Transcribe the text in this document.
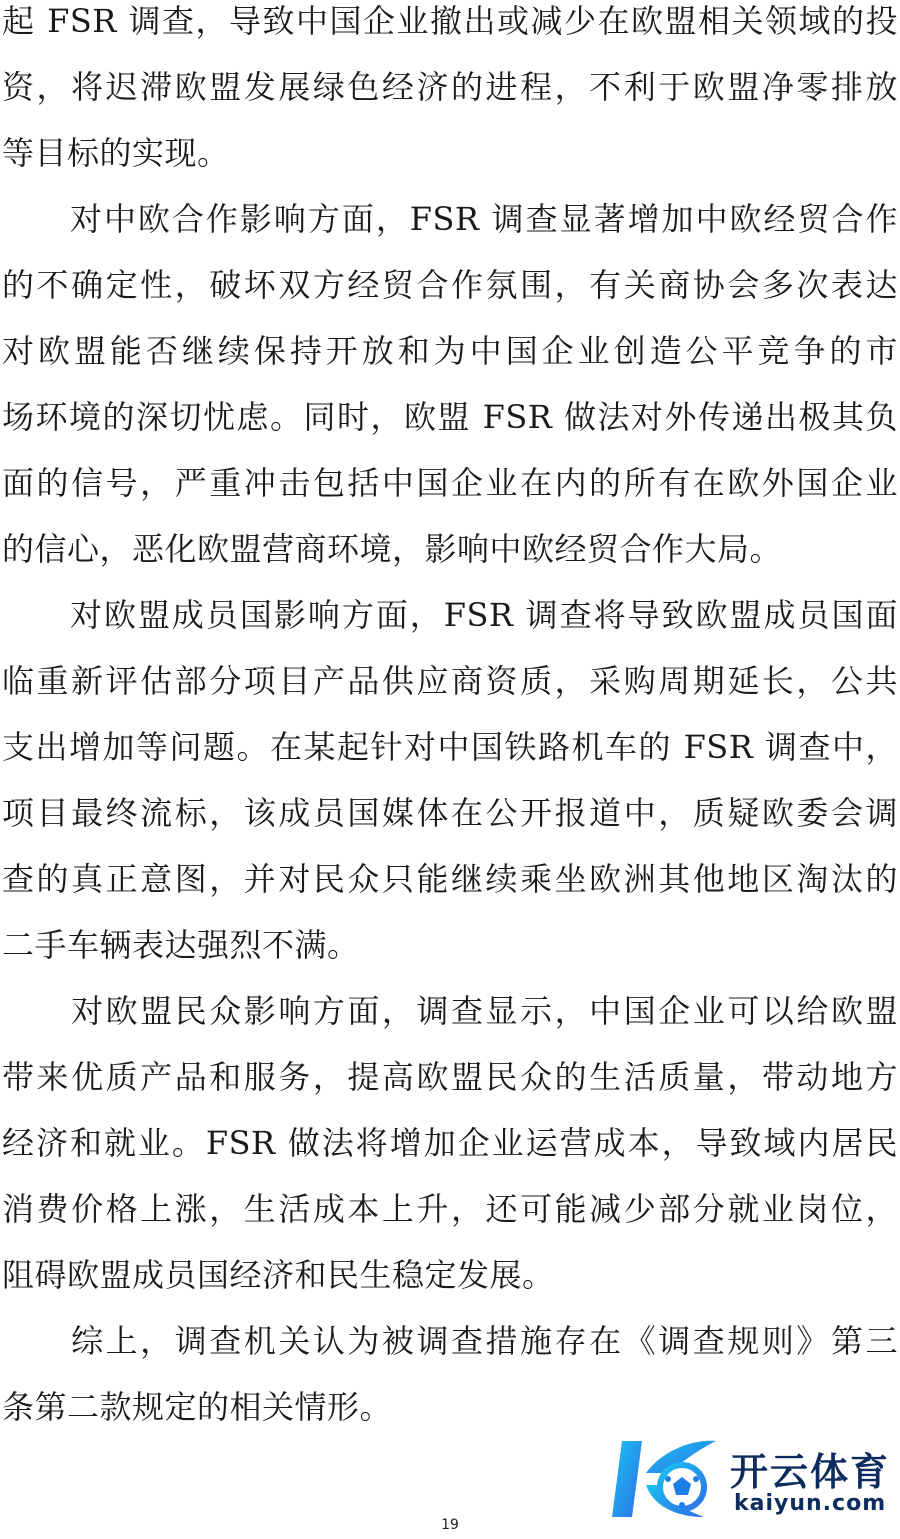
起 FSR 调查，导致中国企业撤出或减少在欧盟相关领域的投
资，将迟滞欧盟发展绿色经济的进程，不利于欧盟净零排放
等目标的实现。
　　对中欧合作影响方面，FSR 调查显著增加中欧经贸合作
的不确定性，破坏双方经贸合作氛围，有关商协会多次表达
对欧盟能否继续保持开放和为中国企业创造公平竞争的市
场环境的深切忧虑。同时，欧盟 FSR 做法对外传递出极其负
面的信号，严重冲击包括中国企业在内的所有在欧外国企业
的信心，恶化欧盟营商环境，影响中欧经贸合作大局。
　　对欧盟成员国影响方面，FSR 调查将导致欧盟成员国面
临重新评估部分项目产品供应商资质，采购周期延长，公共
支出增加等问题。在某起针对中国铁路机车的 FSR 调查中，
项目最终流标，该成员国媒体在公开报道中，质疑欧委会调
查的真正意图，并对民众只能继续乘坐欧洲其他地区淘汰的
二手车辆表达强烈不满。
　　对欧盟民众影响方面，调查显示，中国企业可以给欧盟
带来优质产品和服务，提高欧盟民众的生活质量，带动地方
经济和就业。FSR 做法将增加企业运营成本，导致域内居民
消费价格上涨，生活成本上升，还可能减少部分就业岗位，
阻碍欧盟成员国经济和民生稳定发展。
　　综上，调查机关认为被调查措施存在《调查规则》第三
条第二款规定的相关情形。
开云体育
kaiyun.com
19
